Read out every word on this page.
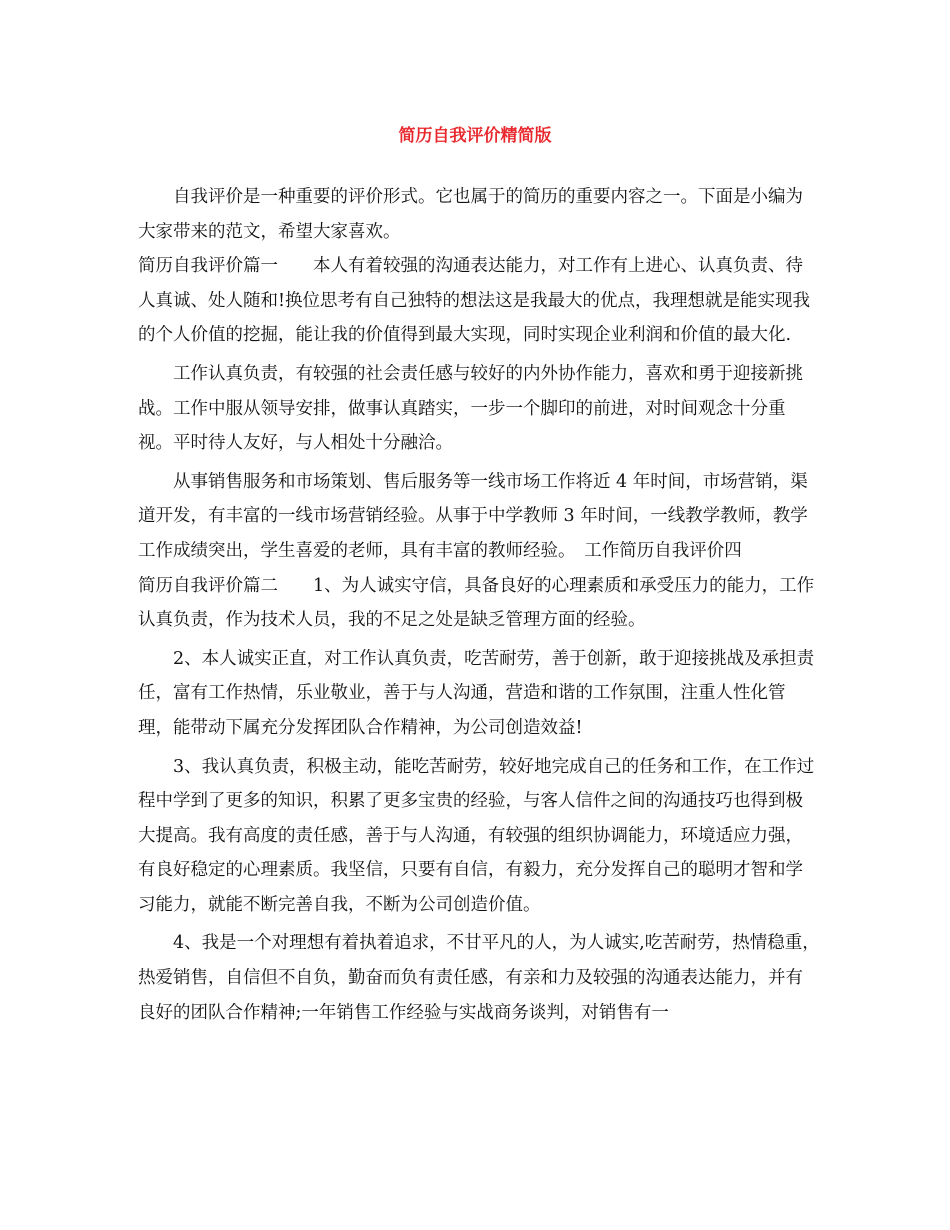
简历自我评价精简版

自我评价是一种重要的评价形式。它也属于的简历的重要内容之一。下面是小编为大家带来的范文，希望大家喜欢。

简历自我评价篇一　　本人有着较强的沟通表达能力，对工作有上进心、认真负责、待人真诚、处人随和!换位思考有自己独特的想法这是我最大的优点，我理想就是能实现我的个人价值的挖掘，能让我的价值得到最大实现，同时实现企业利润和价值的最大化.

工作认真负责，有较强的社会责任感与较好的内外协作能力，喜欢和勇于迎接新挑战。工作中服从领导安排，做事认真踏实，一步一个脚印的前进，对时间观念十分重视。平时待人友好，与人相处十分融洽。

从事销售服务和市场策划、售后服务等一线市场工作将近 4 年时间，市场营销，渠道开发，有丰富的一线市场营销经验。从事于中学教师 3 年时间，一线教学教师，教学工作成绩突出，学生喜爱的老师，具有丰富的教师经验。　工作简历自我评价四

简历自我评价篇二　　1、为人诚实守信，具备良好的心理素质和承受压力的能力，工作认真负责，作为技术人员，我的不足之处是缺乏管理方面的经验。

2、本人诚实正直，对工作认真负责，吃苦耐劳，善于创新，敢于迎接挑战及承担责任，富有工作热情，乐业敬业，善于与人沟通，营造和谐的工作氛围，注重人性化管理，能带动下属充分发挥团队合作精神，为公司创造效益!

3、我认真负责，积极主动，能吃苦耐劳，较好地完成自己的任务和工作，在工作过程中学到了更多的知识，积累了更多宝贵的经验，与客人信件之间的沟通技巧也得到极大提高。我有高度的责任感，善于与人沟通，有较强的组织协调能力，环境适应力强，有良好稳定的心理素质。我坚信，只要有自信，有毅力，充分发挥自己的聪明才智和学习能力，就能不断完善自我，不断为公司创造价值。

4、我是一个对理想有着执着追求，不甘平凡的人，为人诚实,吃苦耐劳，热情稳重，热爱销售，自信但不自负，勤奋而负有责任感，有亲和力及较强的沟通表达能力，并有良好的团队合作精神;一年销售工作经验与实战商务谈判，对销售有一
